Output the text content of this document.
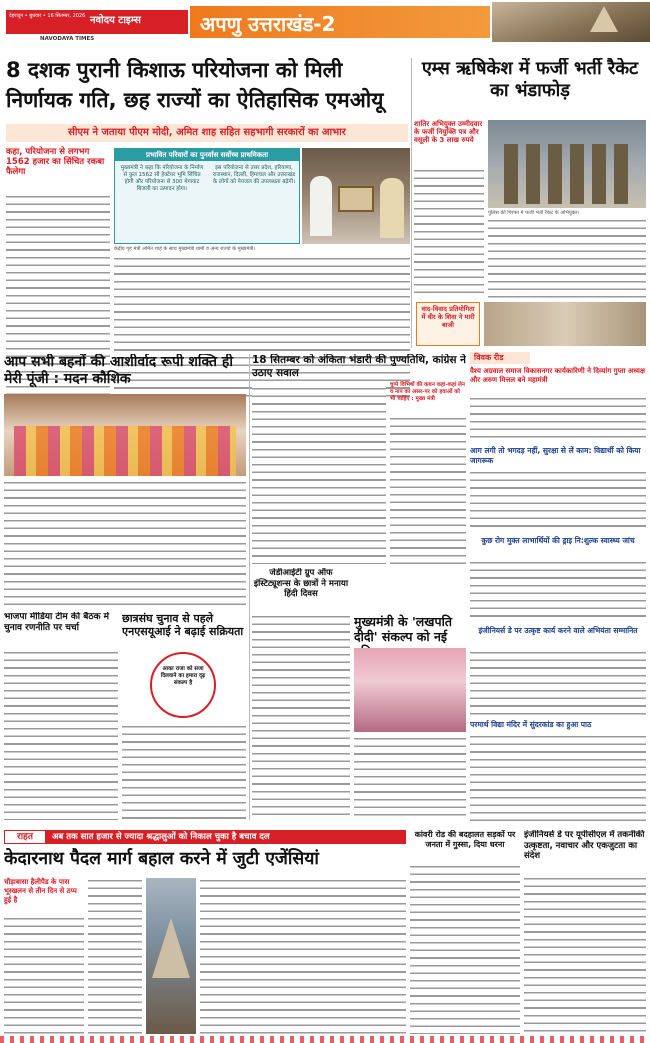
देहरादून • बुधवार • 16 सितम्बर, 2026 नवोदय टाइम्स
NAVODAYA TIMES
अपणु उत्तराखंड-2
8 दशक पुरानी किशाऊ परियोजना को मिली
निर्णायक गति, छह राज्यों का ऐतिहासिक एमओयू
सीएम ने जताया पीएम मोदी, अमित शाह सहित सहभागी सरकारों का आभार
कहा, परियोजना से लगभग 1562 हजार का सिंचित रकबा फैलेगा
प्रभावित परिवारों का पुनर्वास सर्वोच्च प्राथमिकता
मुख्यमंत्री ने कहा कि परियोजना के निर्माण से कुल 1562 सौ हेक्टेयर भूमि सिंचित होगी और परियोजना से 300 मेगावाट बिजली का उत्पादन होगा।
इस परियोजना से उत्तर प्रदेश, हरियाणा, राजस्थान, दिल्ली, हिमाचल और उत्तराखंड के लोगों को पेयजल की उपलब्धता बढ़ेगी।
केंद्रीय गृह मंत्री अमित शाह के साथ मुख्यमंत्री धामी व अन्य राज्यों के मुख्यमंत्री।
एम्स ऋषिकेश में फर्जी भर्ती रैकेट का भंडाफोड़
शातिर अभियुक्त उम्मीदवार के फर्जी नियुक्ति पत्र और वसूली के 3 लाख रुपये
पुलिस की गिरफ्त में फर्जी भर्ती रैकेट के अभियुक्त।
वाद-विवाद प्रतियोगिता में वीर के शिवा ने मारी बाजी
आप सभी बहनों की आशीर्वाद रूपी शक्ति ही मेरी पूंजी : मदन कौशिक
भाजपा मीडिया टीम की बैठक में चुनाव रणनीति पर चर्चा
छात्रसंघ चुनाव से पहले एनएसयूआई ने बढ़ाई सक्रियता
आका राजा को सजा दिलवाने का हमारा दृढ़ संकल्प है
18 सितम्बर को अंकिता भंडारी की पुण्यतिथि, कांग्रेस ने उठाए सवाल
चुप्पे विभिषों की कथन कहां-कहां लेन व नाप का असर-पर को हवाओं को भी चाहिए : मुख्य मंत्री
जेडीआईटी ग्रुप ऑफ इंस्टिट्यूशन्स के छात्रों ने मनाया हिंदी दिवस
मुख्यमंत्री के 'लखपति दीदी' संकल्प को नई
विवक रीड
वैश्य अग्रवाल समाज विकासनगर कार्यकारिणी ने दिव्यांग गुप्ता अध्यक्ष और अरुण मित्तल बने महामंत्री
आग लगी तो भगदड़ नहीं, सुरक्षा से लें काम: विद्यार्थी को किया जागरूक
कुछ रोग मुक्त लाभार्थियों की ड्राइ नि:शुल्क स्वास्थ्य जांच
इंजीनियर्स डे पर उत्कृष्ट कार्य करने वाले अभियंता सम्मानित
परमार्थ विद्या मंदिर में सुंदरकांड का हुआ पाठ
राहत	अब तक सात हजार से ज्यादा श्रद्धालुओं को निकाल चुका है बचाव दल
केदारनाथ पैदल मार्ग बहाल करने में जुटी एजेंसियां
चौड़ाबासा हैलीपैड के पास भूस्खलन से तीन दिन से ठप्प हुई है
कांवरी रोड की बदहालत सड़कों पर जनता में गुस्सा, दिया धरना
इंजीनियर्स डे पर यूपीसीएल में तकनीकी उत्कृष्टता, नवाचार और एकजुटता का संदेश
